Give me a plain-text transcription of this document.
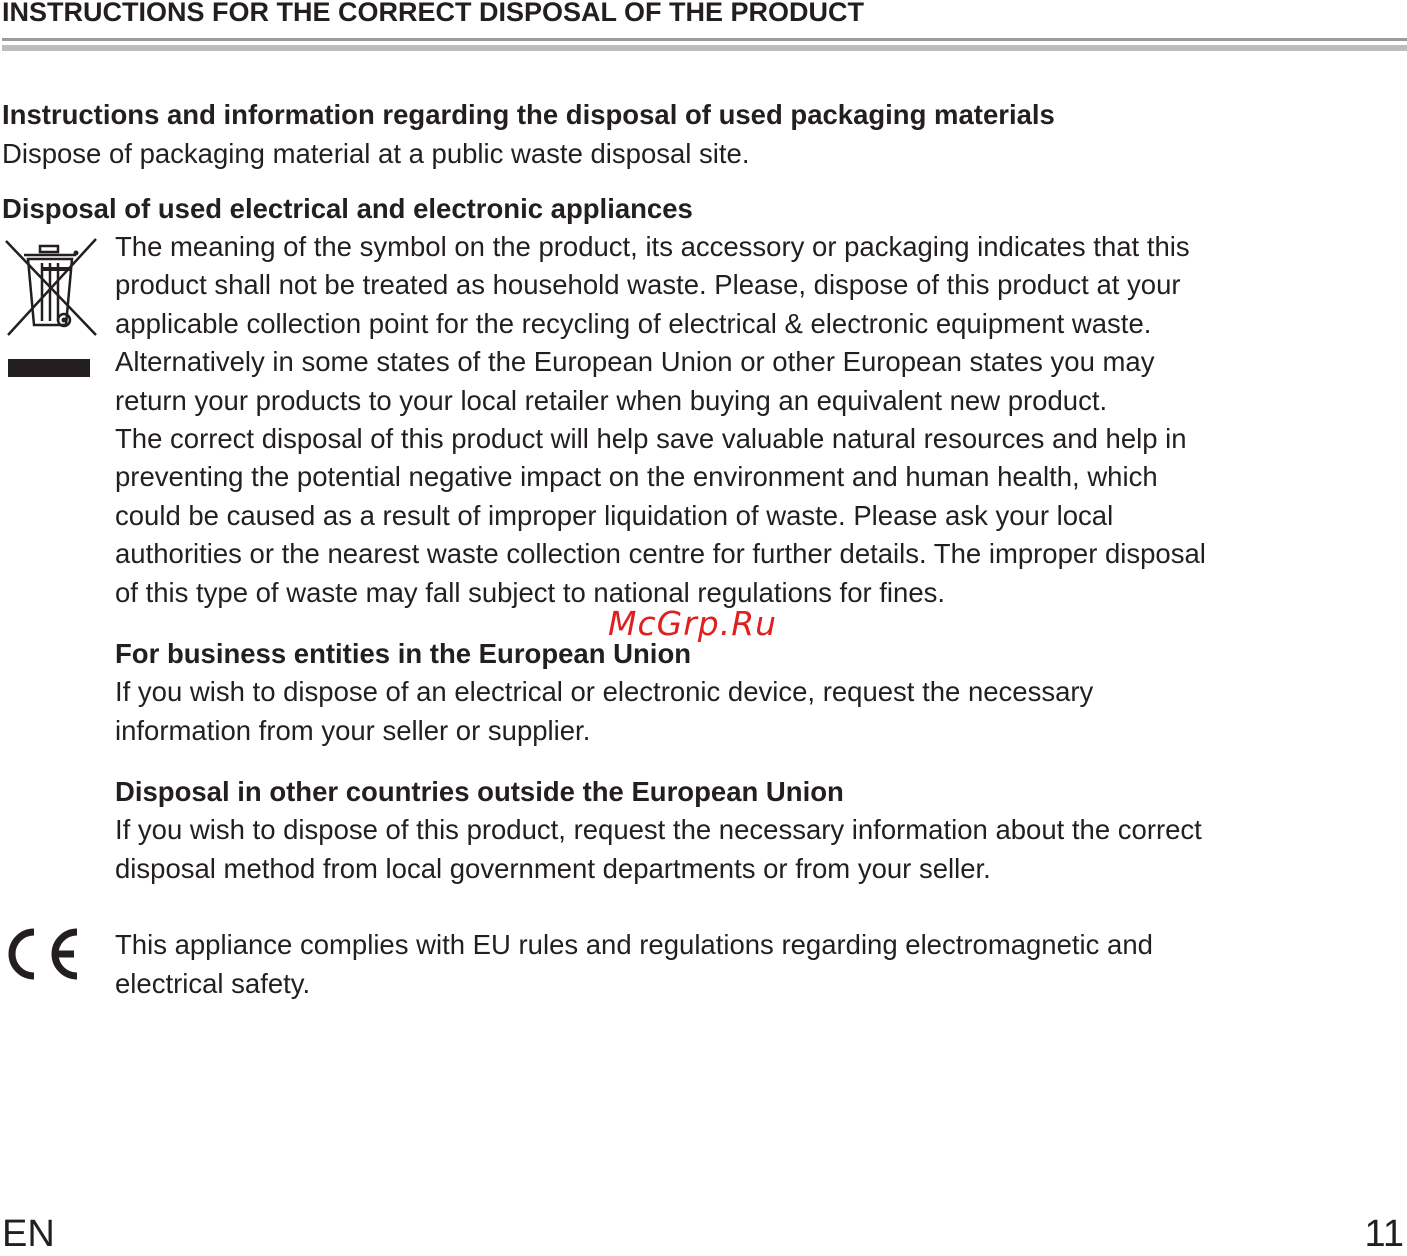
INSTRUCTIONS FOR THE CORRECT DISPOSAL OF THE PRODUCT
Instructions and information regarding the disposal of used packaging materials
Dispose of packaging material at a public waste disposal site.
Disposal of used electrical and electronic appliances
The meaning of the symbol on the product, its accessory or packaging indicates that this
product shall not be treated as household waste. Please, dispose of this product at your
applicable collection point for the recycling of electrical & electronic equipment waste.
Alternatively in some states of the European Union or other European states you may
return your products to your local retailer when buying an equivalent new product.
The correct disposal of this product will help save valuable natural resources and help in
preventing the potential negative impact on the environment and human health, which
could be caused as a result of improper liquidation of waste. Please ask your local
authorities or the nearest waste collection centre for further details. The improper disposal
of this type of waste may fall subject to national regulations for fines.
For business entities in the European Union
If you wish to dispose of an electrical or electronic device, request the necessary
information from your seller or supplier.
Disposal in other countries outside the European Union
If you wish to dispose of this product, request the necessary information about the correct
disposal method from local government departments or from your seller.
This appliance complies with EU rules and regulations regarding electromagnetic and
electrical safety.
McGrp.Ru
EN	11
